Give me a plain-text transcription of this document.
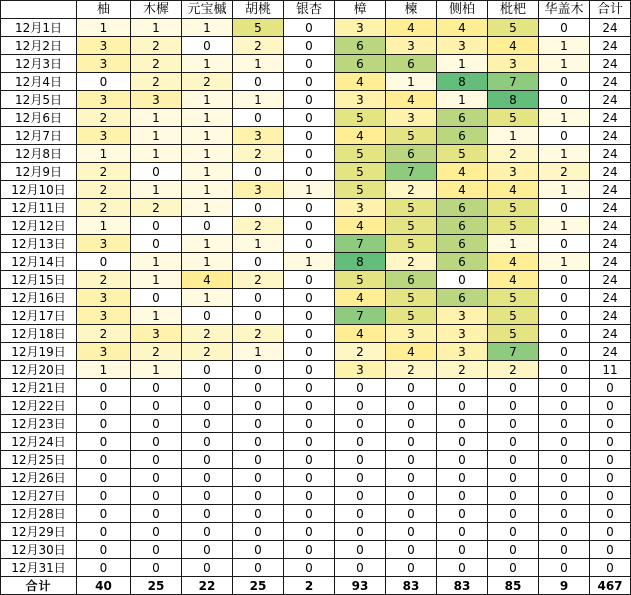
	柚	木樨	元宝槭	胡桃	银杏	樟	楝	侧柏	枇杷	华盖木	合计
12月1日	1	1	1	5	0	3	4	4	5	0	24
12月2日	3	2	0	2	0	6	3	3	4	1	24
12月3日	3	2	1	1	0	6	6	1	3	1	24
12月4日	0	2	2	0	0	4	1	8	7	0	24
12月5日	3	3	1	1	0	3	4	1	8	0	24
12月6日	2	1	1	0	0	5	3	6	5	1	24
12月7日	3	1	1	3	0	4	5	6	1	0	24
12月8日	1	1	1	2	0	5	6	5	2	1	24
12月9日	2	0	1	0	0	5	7	4	3	2	24
12月10日	2	1	1	3	1	5	2	4	4	1	24
12月11日	2	2	1	0	0	3	5	6	5	0	24
12月12日	1	0	0	2	0	4	5	6	5	1	24
12月13日	3	0	1	1	0	7	5	6	1	0	24
12月14日	0	1	1	0	1	8	2	6	4	1	24
12月15日	2	1	4	2	0	5	6	0	4	0	24
12月16日	3	0	1	0	0	4	5	6	5	0	24
12月17日	3	1	0	0	0	7	5	3	5	0	24
12月18日	2	3	2	2	0	4	3	3	5	0	24
12月19日	3	2	2	1	0	2	4	3	7	0	24
12月20日	1	1	0	0	0	3	2	2	2	0	11
12月21日	0	0	0	0	0	0	0	0	0	0	0
12月22日	0	0	0	0	0	0	0	0	0	0	0
12月23日	0	0	0	0	0	0	0	0	0	0	0
12月24日	0	0	0	0	0	0	0	0	0	0	0
12月25日	0	0	0	0	0	0	0	0	0	0	0
12月26日	0	0	0	0	0	0	0	0	0	0	0
12月27日	0	0	0	0	0	0	0	0	0	0	0
12月28日	0	0	0	0	0	0	0	0	0	0	0
12月29日	0	0	0	0	0	0	0	0	0	0	0
12月30日	0	0	0	0	0	0	0	0	0	0	0
12月31日	0	0	0	0	0	0	0	0	0	0	0
合计	40	25	22	25	2	93	83	83	85	9	467
